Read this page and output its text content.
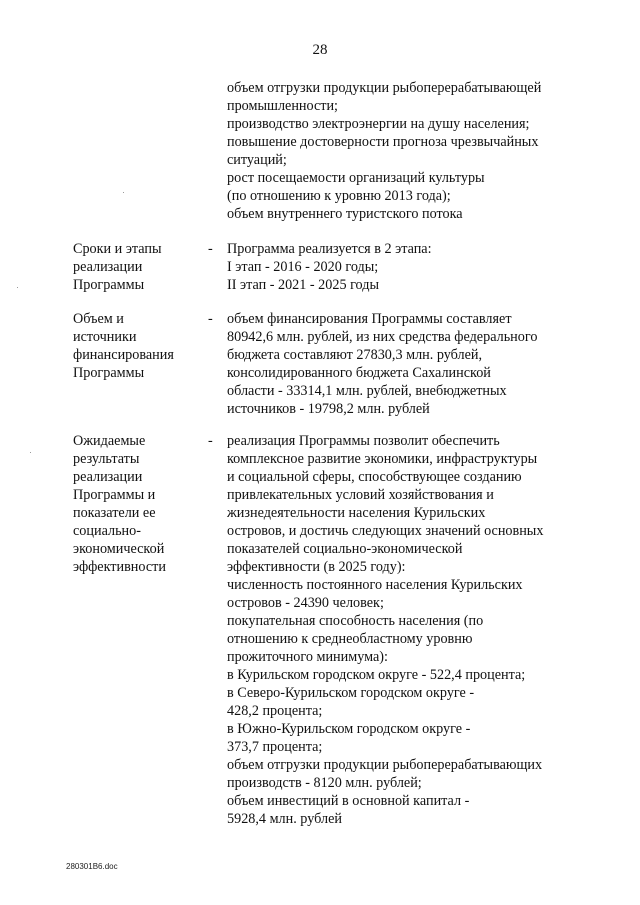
28
объем отгрузки продукции рыбоперерабатывающей
промышленности;
производство электроэнергии на душу населения;
повышение достоверности прогноза чрезвычайных
ситуаций;
рост посещаемости организаций культуры
(по отношению к уровню 2013 года);
объем внутреннего туристского потока
Сроки и этапы
реализации
Программы
- Программа реализуется в 2 этапа:
I этап - 2016 - 2020 годы;
II этап - 2021 - 2025 годы
Объем и
источники
финансирования
Программы
- объем финансирования Программы составляет
80942,6 млн. рублей, из них средства федерального
бюджета составляют 27830,3 млн. рублей,
консолидированного бюджета Сахалинской
области - 33314,1 млн. рублей, внебюджетных
источников - 19798,2 млн. рублей
Ожидаемые
результаты
реализации
Программы и
показатели ее
социально-
экономической
эффективности
- реализация Программы позволит обеспечить
комплексное развитие экономики, инфраструктуры
и социальной сферы, способствующее созданию
привлекательных условий хозяйствования и
жизнедеятельности населения Курильских
островов, и достичь следующих значений основных
показателей социально-экономической
эффективности (в 2025 году):
численность постоянного населения Курильских
островов - 24390 человек;
покупательная способность населения (по
отношению к среднеобластному уровню
прожиточного минимума):
в Курильском городском округе - 522,4 процента;
в Северо-Курильском городском округе -
428,2 процента;
в Южно-Курильском городском округе -
373,7 процента;
объем отгрузки продукции рыбоперерабатывающих
производств - 8120 млн. рублей;
объем инвестиций в основной капитал -
5928,4 млн. рублей
280301B6.doc
